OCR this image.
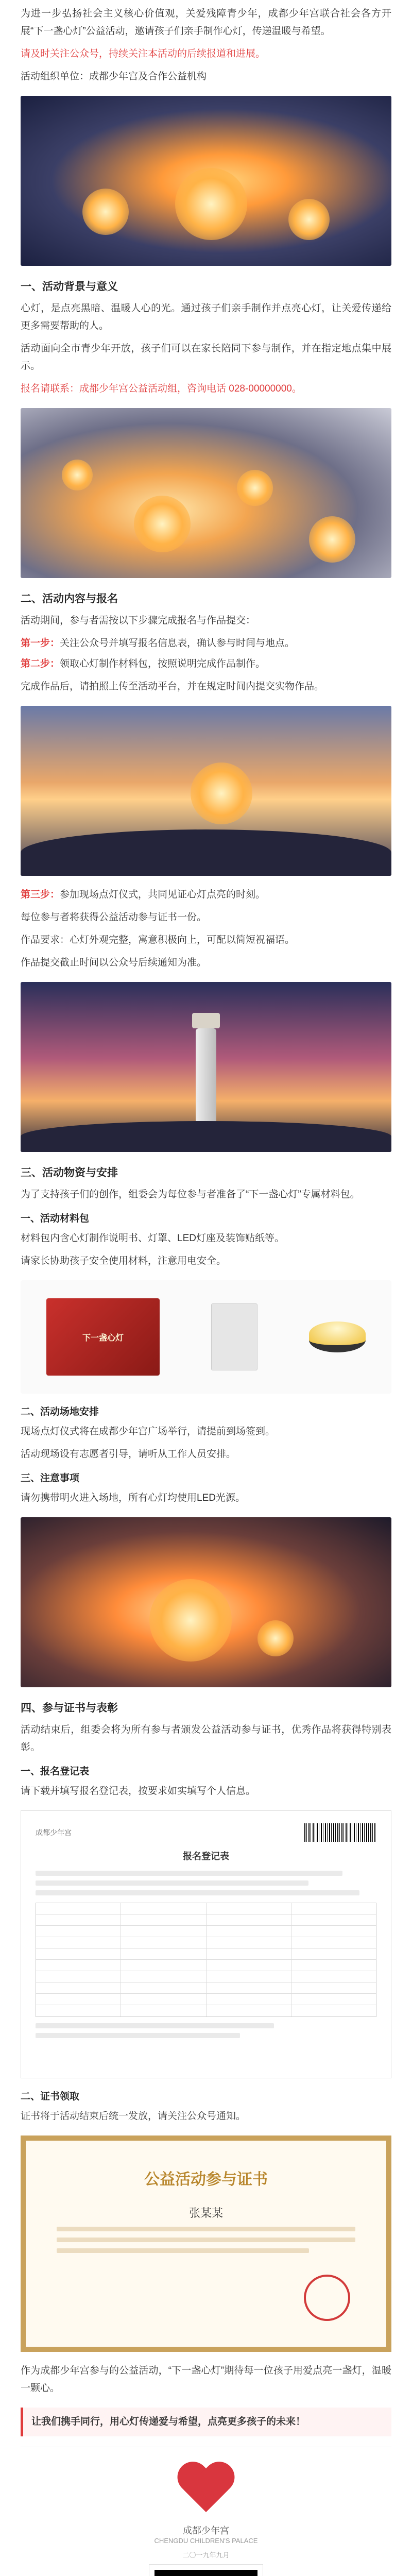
为进一步弘扬社会主义核心价值观，关爱残障青少年，成都少年宫联合社会各方开展“下一盏心灯”公益活动，邀请孩子们亲手制作心灯，传递温暖与希望。

请及时关注公众号，持续关注本活动的后续报道和进展。

活动组织单位：成都少年宫及合作公益机构

一、活动背景与意义

心灯，是点亮黑暗、温暖人心的光。通过孩子们亲手制作并点亮心灯，让关爱传递给更多需要帮助的人。

活动面向全市青少年开放，孩子们可以在家长陪同下参与制作，并在指定地点集中展示。

报名请联系：成都少年宫公益活动组，咨询电话 028-00000000。

二、活动内容与报名

活动期间，参与者需按以下步骤完成报名与作品提交：

第一步：关注公众号并填写报名信息表，确认参与时间与地点。

第二步：领取心灯制作材料包，按照说明完成作品制作。

完成作品后，请拍照上传至活动平台，并在规定时间内提交实物作品。

第三步：参加现场点灯仪式，共同见证心灯点亮的时刻。

每位参与者将获得公益活动参与证书一份。

作品要求：心灯外观完整，寓意积极向上，可配以简短祝福语。

作品提交截止时间以公众号后续通知为准。

三、活动物资与安排

为了支持孩子们的创作，组委会为每位参与者准备了“下一盏心灯”专属材料包。

一、活动材料包

材料包内含心灯制作说明书、灯罩、LED灯座及装饰贴纸等。

请家长协助孩子安全使用材料，注意用电安全。

下一盏心灯
二、活动场地安排

现场点灯仪式将在成都少年宫广场举行，请提前到场签到。

活动现场设有志愿者引导，请听从工作人员安排。

三、注意事项

请勿携带明火进入场地，所有心灯均使用LED光源。

四、参与证书与表彰

活动结束后，组委会将为所有参与者颁发公益活动参与证书，优秀作品将获得特别表彰。

一、报名登记表

请下载并填写报名登记表，按要求如实填写个人信息。

成都少年宫
报名登记表
二、证书领取

证书将于活动结束后统一发放，请关注公众号通知。

公益活动参与证书
张某某

作为成都少年宫参与的公益活动，“下一盏心灯”期待每一位孩子用爱点亮一盏灯，温暖一颗心。

让我们携手同行，用心灯传递爱与希望，点亮更多孩子的未来！
成都少年宫
CHENGDU CHILDREN'S PALACE
二〇一九年九月
